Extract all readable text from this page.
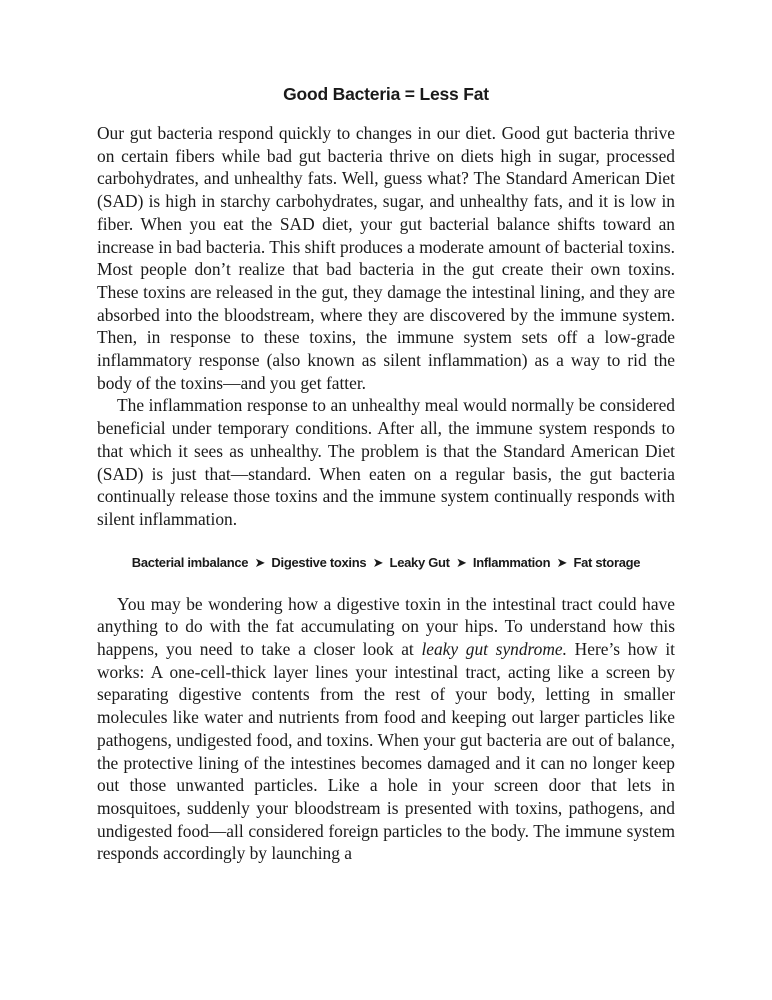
Good Bacteria = Less Fat

Our gut bacteria respond quickly to changes in our diet. Good gut bacteria thrive on certain fibers while bad gut bacteria thrive on diets high in sugar, processed carbohydrates, and unhealthy fats. Well, guess what? The Standard American Diet (SAD) is high in starchy carbohydrates, sugar, and unhealthy fats, and it is low in fiber. When you eat the SAD diet, your gut bacterial balance shifts toward an increase in bad bacteria. This shift produces a moderate amount of bacterial toxins. Most people don’t realize that bad bacteria in the gut create their own toxins. These toxins are released in the gut, they damage the intestinal lining, and they are absorbed into the bloodstream, where they are discovered by the immune system. Then, in response to these toxins, the immune system sets off a low-grade inflammatory response (also known as silent inflammation) as a way to rid the body of the toxins—and you get fatter.

The inflammation response to an unhealthy meal would normally be considered beneficial under temporary conditions. After all, the immune system responds to that which it sees as unhealthy. The problem is that the Standard American Diet (SAD) is just that—standard. When eaten on a regular basis, the gut bacteria continually release those toxins and the immune system continually responds with silent inflammation.

Bacterial imbalance ➤ Digestive toxins ➤ Leaky Gut ➤ Inflammation ➤ Fat storage

You may be wondering how a digestive toxin in the intestinal tract could have anything to do with the fat accumulating on your hips. To understand how this happens, you need to take a closer look at leaky gut syndrome. Here’s how it works: A one-cell-thick layer lines your intestinal tract, acting like a screen by separating digestive contents from the rest of your body, letting in smaller molecules like water and nutrients from food and keeping out larger particles like pathogens, undigested food, and toxins. When your gut bacteria are out of balance, the protective lining of the intestines becomes damaged and it can no longer keep out those unwanted particles. Like a hole in your screen door that lets in mosquitoes, suddenly your bloodstream is presented with toxins, pathogens, and undigested food—all considered foreign particles to the body. The immune system responds accordingly by launching a
